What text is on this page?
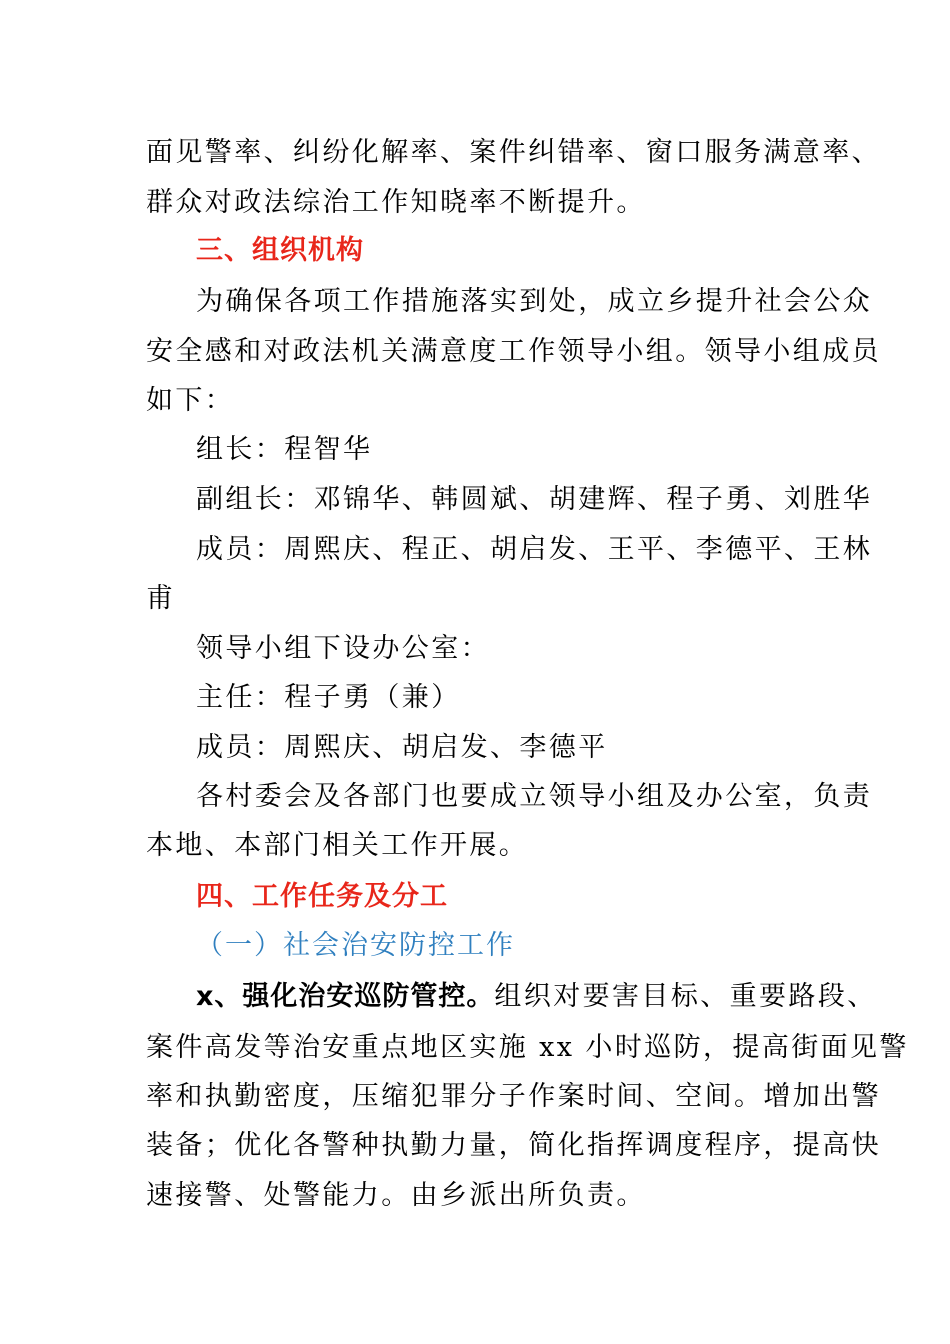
面见警率、纠纷化解率、案件纠错率、窗口服务满意率、
群众对政法综治工作知晓率不断提升。
三、组织机构
为确保各项工作措施落实到处，成立乡提升社会公众
安全感和对政法机关满意度工作领导小组。领导小组成员
如下：
组长：程智华
副组长：邓锦华、韩圆斌、胡建辉、程子勇、刘胜华
成员：周熙庆、程正、胡启发、王平、李德平、王林
甫
领导小组下设办公室：
主任：程子勇（兼）
成员：周熙庆、胡启发、李德平
各村委会及各部门也要成立领导小组及办公室，负责
本地、本部门相关工作开展。
四、工作任务及分工
（一）社会治安防控工作
x、强化治安巡防管控。组织对要害目标、重要路段、
案件高发等治安重点地区实施 xx 小时巡防，提高街面见警
率和执勤密度，压缩犯罪分子作案时间、空间。增加出警
装备；优化各警种执勤力量，简化指挥调度程序，提高快
速接警、处警能力。由乡派出所负责。
